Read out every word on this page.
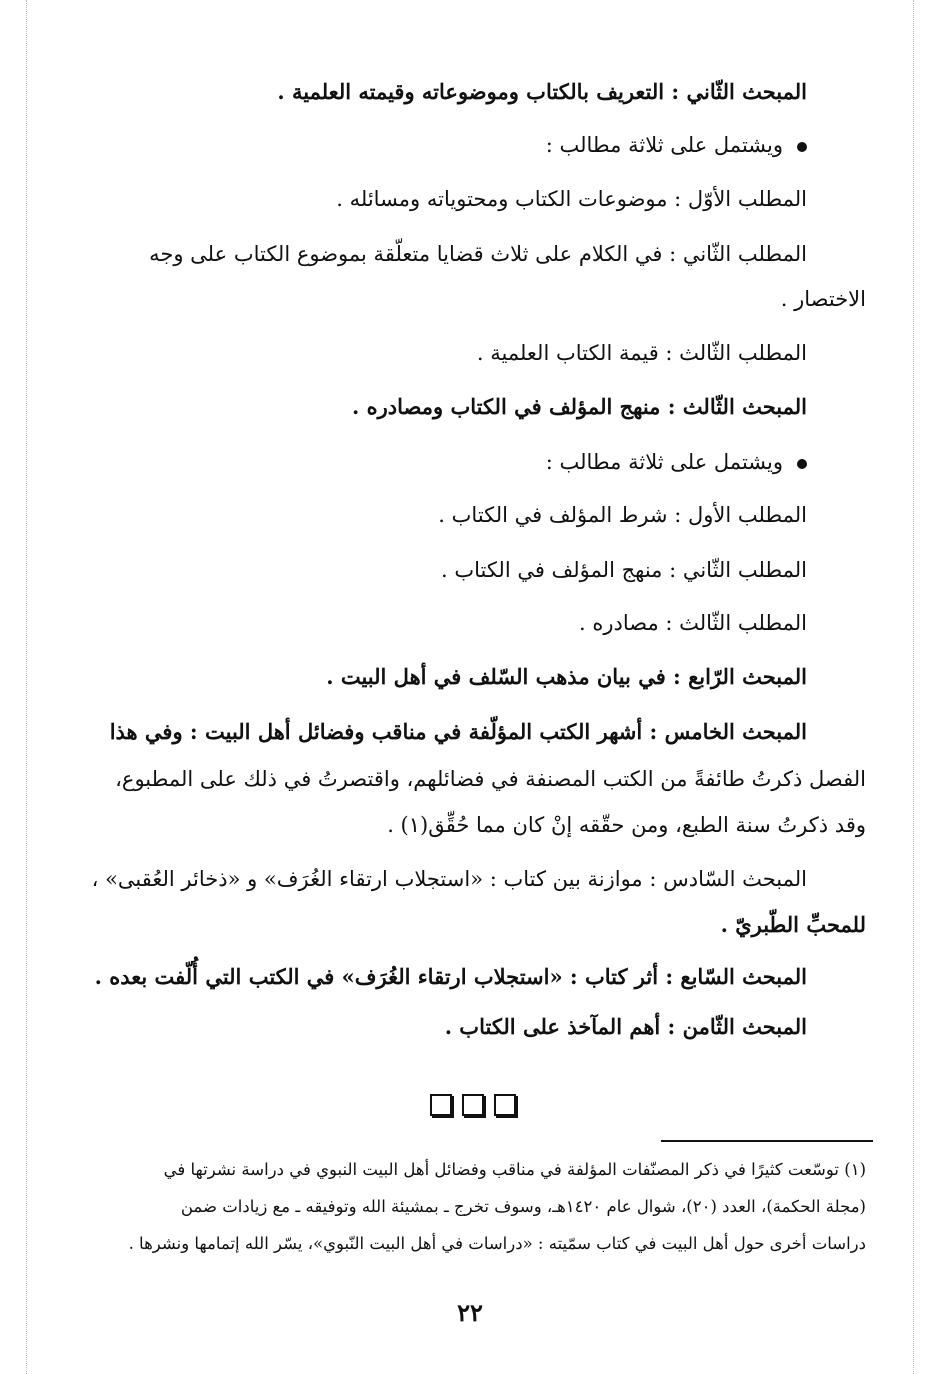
المبحث الثّاني : التعريف بالكتاب وموضوعاته وقيمته العلمية .
ويشتمل على ثلاثة مطالب :
المطلب الأوّل : موضوعات الكتاب ومحتوياته ومسائله .
المطلب الثّاني : في الكلام على ثلاث قضايا متعلّقة بموضوع الكتاب على وجه
الاختصار .
المطلب الثّالث : قيمة الكتاب العلمية .
المبحث الثّالث : منهج المؤلف في الكتاب ومصادره .
ويشتمل على ثلاثة مطالب :
المطلب الأول : شرط المؤلف في الكتاب .
المطلب الثّاني : منهج المؤلف في الكتاب .
المطلب الثّالث : مصادره .
المبحث الرّابع : في بيان مذهب السّلف في أهل البيت .
المبحث الخامس : أشهر الكتب المؤلّفة في مناقب وفضائل أهل البيت : وفي هذا
الفصل ذكرتُ طائفةً من الكتب المصنفة في فضائلهم، واقتصرتُ في ذلك على المطبوع،
وقد ذكرتُ سنة الطبع، ومن حقّقه إنْ كان مما حُقِّق(١) .
المبحث السّادس : موازنة بين كتاب : «استجلاب ارتقاء الغُرَف» و «ذخائر العُقبى» ،
للمحبِّ الطّبريّ .
المبحث السّابع : أثر كتاب : «استجلاب ارتقاء الغُرَف» في الكتب التي أُلّفت بعده .
المبحث الثّامن : أهم المآخذ على الكتاب .
(١) توسّعت كثيرًا في ذكر المصنّفات المؤلفة في مناقب وفضائل أهل البيت النبوي في دراسة نشرتها في
(مجلة الحكمة)، العدد (٢٠)، شوال عام ١٤٢٠هـ، وسوف تخرج ـ بمشيئة الله وتوفيقه ـ مع زيادات ضمن
دراسات أخرى حول أهل البيت في كتاب سمّيته : «دراسات في أهل البيت النّبوي»، يسّر الله إتمامها ونشرها .
٢٢
